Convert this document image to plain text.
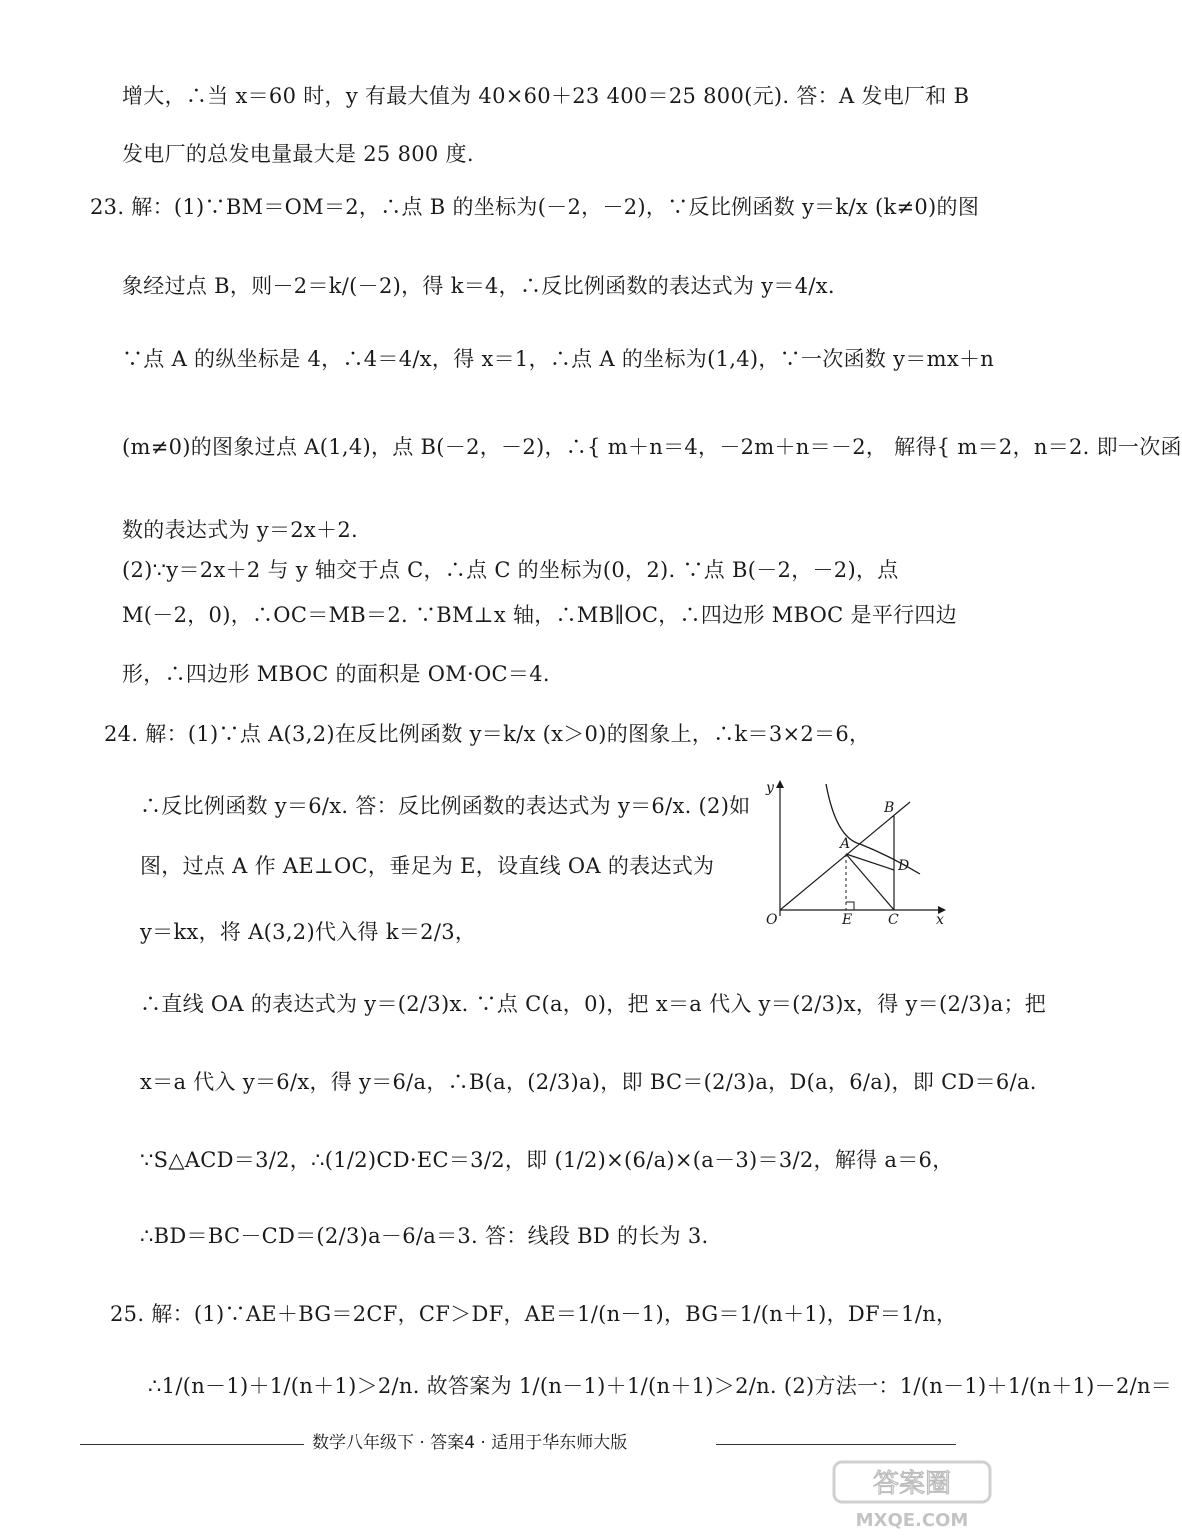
增大，∴当 x＝60 时，y 有最大值为 40×60＋23 400＝25 800(元). 答：A 发电厂和 B
发电厂的总发电量最大是 25 800 度.
23. 解：(1)∵BM＝OM＝2，∴点 B 的坐标为(－2，－2)，∵反比例函数 y＝k/x (k≠0)的图
象经过点 B，则－2＝k/(－2)，得 k＝4，∴反比例函数的表达式为 y＝4/x.
∵点 A 的纵坐标是 4，∴4＝4/x，得 x＝1，∴点 A 的坐标为(1,4)，∵一次函数 y＝mx＋n
(m≠0)的图象过点 A(1,4)，点 B(－2，－2)，∴{ m＋n＝4，－2m＋n＝－2， 解得{ m＝2，n＝2. 即一次函
数的表达式为 y＝2x＋2.
(2)∵y＝2x＋2 与 y 轴交于点 C，∴点 C 的坐标为(0，2). ∵点 B(－2，－2)，点
M(－2，0)，∴OC＝MB＝2. ∵BM⊥x 轴，∴MB∥OC，∴四边形 MBOC 是平行四边
形，∴四边形 MBOC 的面积是 OM·OC＝4.
24. 解：(1)∵点 A(3,2)在反比例函数 y＝k/x (x＞0)的图象上，∴k＝3×2＝6，
∴反比例函数 y＝6/x. 答：反比例函数的表达式为 y＝6/x. (2)如
图，过点 A 作 AE⊥OC，垂足为 E，设直线 OA 的表达式为
y＝kx，将 A(3,2)代入得 k＝2/3，
∴直线 OA 的表达式为 y＝(2/3)x. ∵点 C(a，0)，把 x＝a 代入 y＝(2/3)x，得 y＝(2/3)a；把
x＝a 代入 y＝6/x，得 y＝6/a，∴B(a，(2/3)a)，即 BC＝(2/3)a，D(a，6/a)，即 CD＝6/a.
∵S△ACD＝3/2，∴(1/2)CD·EC＝3/2，即 (1/2)×(6/a)×(a－3)＝3/2，解得 a＝6，
∴BD＝BC－CD＝(2/3)a－6/a＝3. 答：线段 BD 的长为 3.
25. 解：(1)∵AE＋BG＝2CF，CF＞DF，AE＝1/(n－1)，BG＝1/(n＋1)，DF＝1/n，
∴1/(n－1)＋1/(n＋1)＞2/n. 故答案为 1/(n－1)＋1/(n＋1)＞2/n. (2)方法一：1/(n－1)＋1/(n＋1)－2/n＝
y
x
O
A
B
C
D
E
数学八年级下 · 答案4 · 适用于华东师大版
答案圈
MXQE.COM
